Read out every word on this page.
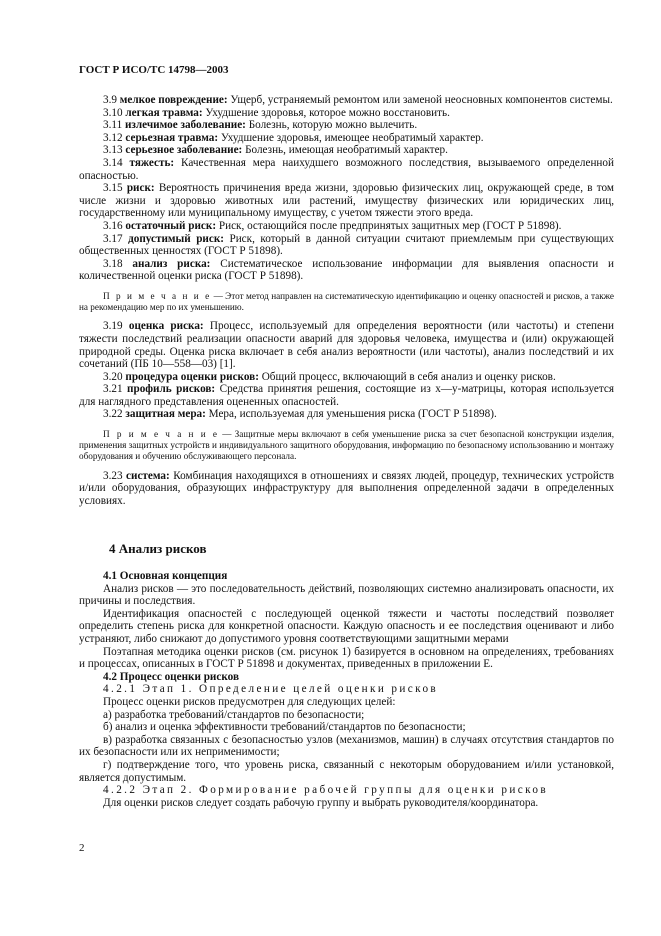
ГОСТ Р ИСО/ТС 14798—2003

3.9 мелкое повреждение: Ущерб, устраняемый ремонтом или заменой неосновных компонентов системы.

3.10 легкая травма: Ухудшение здоровья, которое можно восстановить.

3.11 излечимое заболевание: Болезнь, которую можно вылечить.

3.12 серьезная травма: Ухудшение здоровья, имеющее необратимый характер.

3.13 серьезное заболевание: Болезнь, имеющая необратимый характер.

3.14 тяжесть: Качественная мера наихудшего возможного последствия, вызываемого определенной опасностью.

3.15 риск: Вероятность причинения вреда жизни, здоровью физических лиц, окружающей среде, в том числе жизни и здоровью животных или растений, имуществу физических или юридических лиц, государственному или муниципальному имуществу, с учетом тяжести этого вреда.

3.16 остаточный риск: Риск, остающийся после предпринятых защитных мер (ГОСТ Р 51898).

3.17 допустимый риск: Риск, который в данной ситуации считают приемлемым при существующих общественных ценностях (ГОСТ Р 51898).

3.18 анализ риска: Систематическое использование информации для выявления опасности и количественной оценки риска (ГОСТ Р 51898).

П р и м е ч а н и е — Этот метод направлен на систематическую идентификацию и оценку опасностей и рисков, а также на рекомендацию мер по их уменьшению.

3.19 оценка риска: Процесс, используемый для определения вероятности (или частоты) и степени тяжести последствий реализации опасности аварий для здоровья человека, имущества и (или) окружающей природной среды. Оценка риска включает в себя анализ вероятности (или частоты), анализ последствий и их сочетаний (ПБ 10—558—03) [1].

3.20 процедура оценки рисков: Общий процесс, включающий в себя анализ и оценку рисков.

3.21 профиль рисков: Средства принятия решения, состоящие из x—y-матрицы, которая используется для наглядного представления оцененных опасностей.

3.22 защитная мера: Мера, используемая для уменьшения риска (ГОСТ Р 51898).

П р и м е ч а н и е — Защитные меры включают в себя уменьшение риска за счет безопасной конструкции изделия, применения защитных устройств и индивидуального защитного оборудования, информацию по безопасному использованию и монтажу оборудования и обучению обслуживающего персонала.

3.23 система: Комбинация находящихся в отношениях и связях людей, процедур, технических устройств и/или оборудования, образующих инфраструктуру для выполнения определенной задачи в определенных условиях.

4 Анализ рисков

4.1 Основная концепция

Анализ рисков — это последовательность действий, позволяющих системно анализировать опасности, их причины и последствия.

Идентификация опасностей с последующей оценкой тяжести и частоты последствий позволяет определить степень риска для конкретной опасности. Каждую опасность и ее последствия оценивают и либо устраняют, либо снижают до допустимого уровня соответствующими защитными мерами

Поэтапная методика оценки рисков (см. рисунок 1) базируется в основном на определениях, требованиях и процессах, описанных в ГОСТ Р 51898 и документах, приведенных в приложении Е.

4.2 Процесс оценки рисков

4.2.1 Этап 1. Определение целей оценки рисков

Процесс оценки рисков предусмотрен для следующих целей:

а) разработка требований/стандартов по безопасности;

б) анализ и оценка эффективности требований/стандартов по безопасности;

в) разработка связанных с безопасностью узлов (механизмов, машин) в случаях отсутствия стандартов по их безопасности или их неприменимости;

г) подтверждение того, что уровень риска, связанный с некоторым оборудованием и/или установкой, является допустимым.

4.2.2 Этап 2. Формирование рабочей группы для оценки рисков

Для оценки рисков следует создать рабочую группу и выбрать руководителя/координатора.

2
